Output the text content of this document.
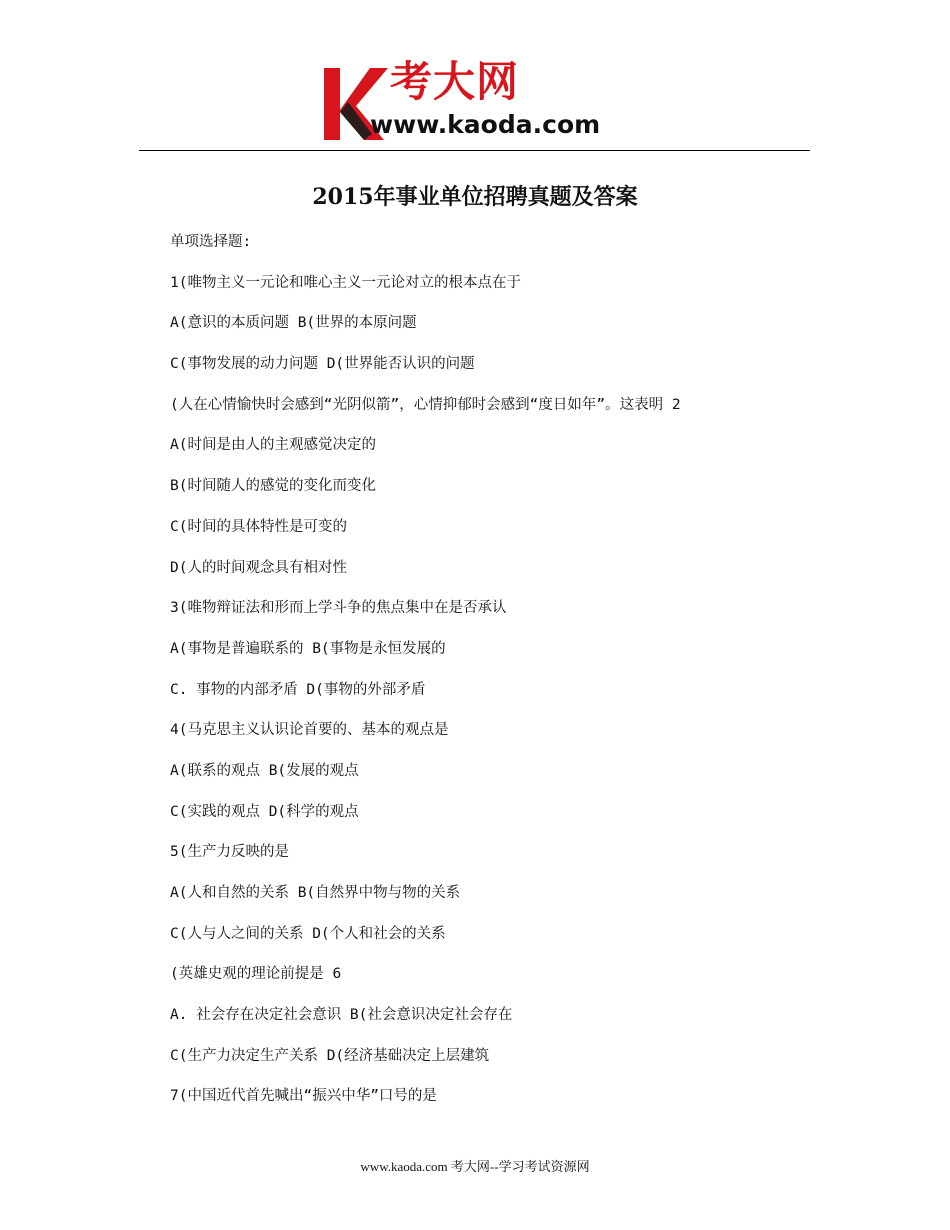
考大网
www.kaoda.com
2015年事业单位招聘真题及答案
单项选择题:
1(唯物主义一元论和唯心主义一元论对立的根本点在于
A(意识的本质问题 B(世界的本原问题
C(事物发展的动力问题 D(世界能否认识的问题
(人在心情愉快时会感到“光阴似箭”，心情抑郁时会感到“度日如年”。这表明 2
A(时间是由人的主观感觉决定的
B(时间随人的感觉的变化而变化
C(时间的具体特性是可变的
D(人的时间观念具有相对性
3(唯物辩证法和形而上学斗争的焦点集中在是否承认
A(事物是普遍联系的 B(事物是永恒发展的
C. 事物的内部矛盾 D(事物的外部矛盾
4(马克思主义认识论首要的、基本的观点是
A(联系的观点 B(发展的观点
C(实践的观点 D(科学的观点
5(生产力反映的是
A(人和自然的关系 B(自然界中物与物的关系
C(人与人之间的关系 D(个人和社会的关系
(英雄史观的理论前提是 6
A. 社会存在决定社会意识 B(社会意识决定社会存在
C(生产力决定生产关系 D(经济基础决定上层建筑
7(中国近代首先喊出“振兴中华”口号的是
www.kaoda.com 考大网--学习考试资源网
